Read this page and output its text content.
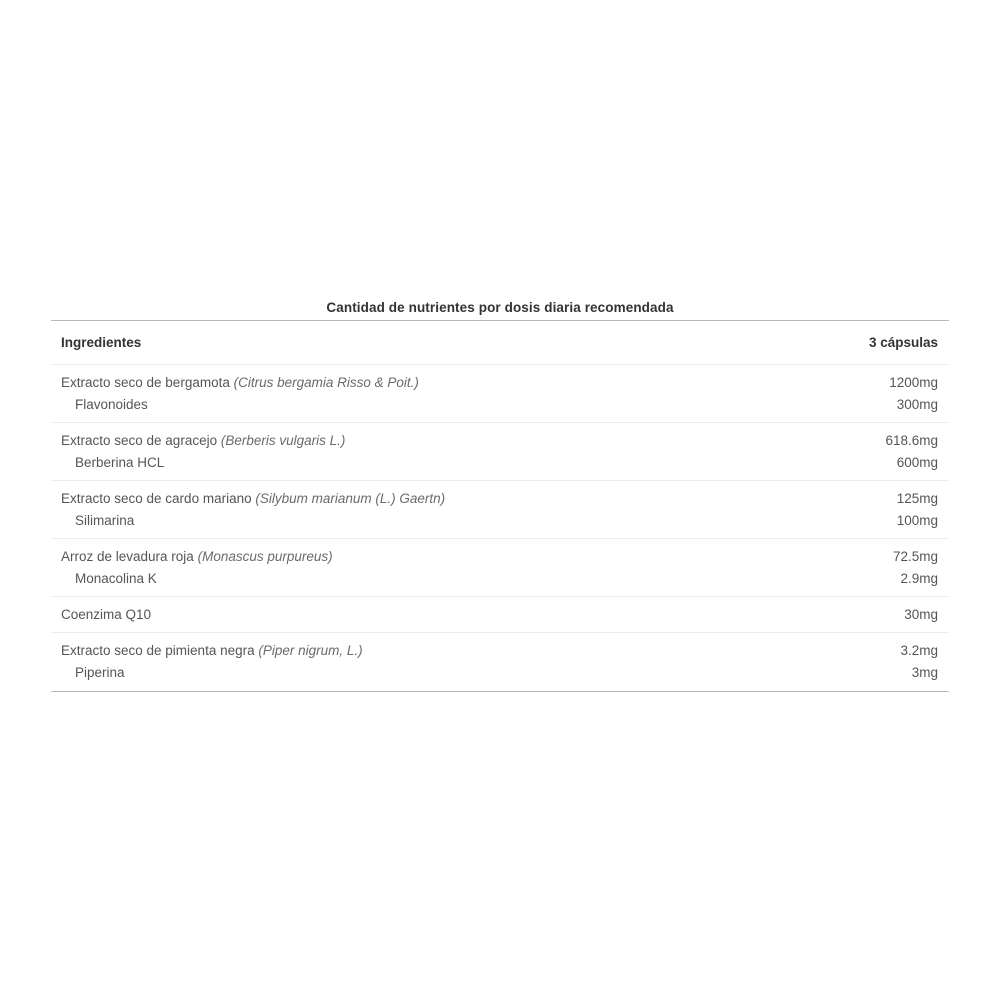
Cantidad de nutrientes por dosis diaria recomendada
Ingredientes	3 cápsulas
Extracto seco de bergamota (Citrus bergamia Risso & Poit.)	1200mg
Flavonoides	300mg
Extracto seco de agracejo (Berberis vulgaris L.)	618.6mg
Berberina HCL	600mg
Extracto seco de cardo mariano (Silybum marianum (L.) Gaertn)	125mg
Silimarina	100mg
Arroz de levadura roja (Monascus purpureus)	72.5mg
Monacolina K	2.9mg
Coenzima Q10	30mg
Extracto seco de pimienta negra (Piper nigrum, L.)	3.2mg
Piperina	3mg
